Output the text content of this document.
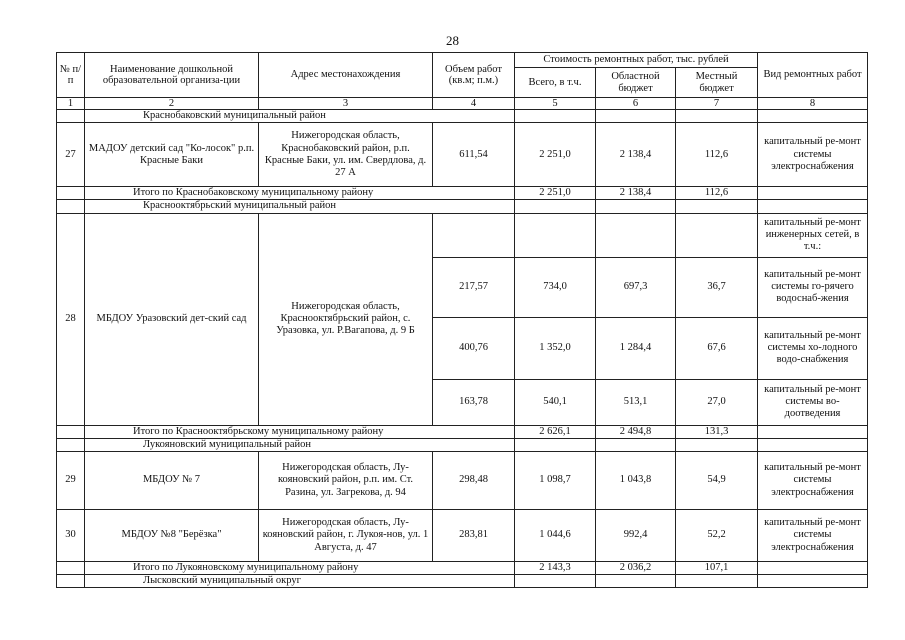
28
№ п/п	Наименование дошкольной образовательной организа-ции	Адрес местонахождения	Объем работ (кв.м; п.м.)	Стоимость ремонтных работ, тыс. рублей			Вид ремонтных работ
				Всего, в т.ч.	Областной бюджет	Местный бюджет	
1	2	3	4	5	6	7	8
	Краснобаковский муниципальный район						
27	МАДОУ детский сад "Ко-лосок" р.п. Красные Баки	Нижегородская область, Краснобаковский район, р.п. Красные Баки, ул. им. Свердлова, д. 27 А	611,54	2 251,0	2 138,4	112,6	капитальный ре-монт системы электроснабжения
	Итого по Краснобаковскому муниципальному району			2 251,0	2 138,4	112,6	
	Краснооктябрьский муниципальный район						
28	МБДОУ Уразовский дет-ский сад	Нижегородская область, Краснооктябрьский район, с. Уразовка, ул. Р.Вагапова, д. 9 Б					капитальный ре-монт инженерных сетей, в т.ч.:
			217,57	734,0	697,3	36,7	капитальный ре-монт системы го-рячего водоснаб-жения
			400,76	1 352,0	1 284,4	67,6	капитальный ре-монт системы хо-лодного водо-снабжения
			163,78	540,1	513,1	27,0	капитальный ре-монт системы во-доотведения
	Итого по Краснооктябрьскому муниципальному району			2 626,1	2 494,8	131,3	
	Лукояновский муниципальный район						
29	МБДОУ № 7	Нижегородская область, Лу-кояновский район, р.п. им. Ст. Разина, ул. Загрекова, д. 94	298,48	1 098,7	1 043,8	54,9	капитальный ре-монт системы электроснабжения
30	МБДОУ №8 "Берёзка"	Нижегородская область, Лу-кояновский район, г. Лукоя-нов, ул. 1 Августа, д. 47	283,81	1 044,6	992,4	52,2	капитальный ре-монт системы электроснабжения
	Итого по Лукояновскому муниципальному району			2 143,3	2 036,2	107,1	
	Лысковский муниципальный округ						
